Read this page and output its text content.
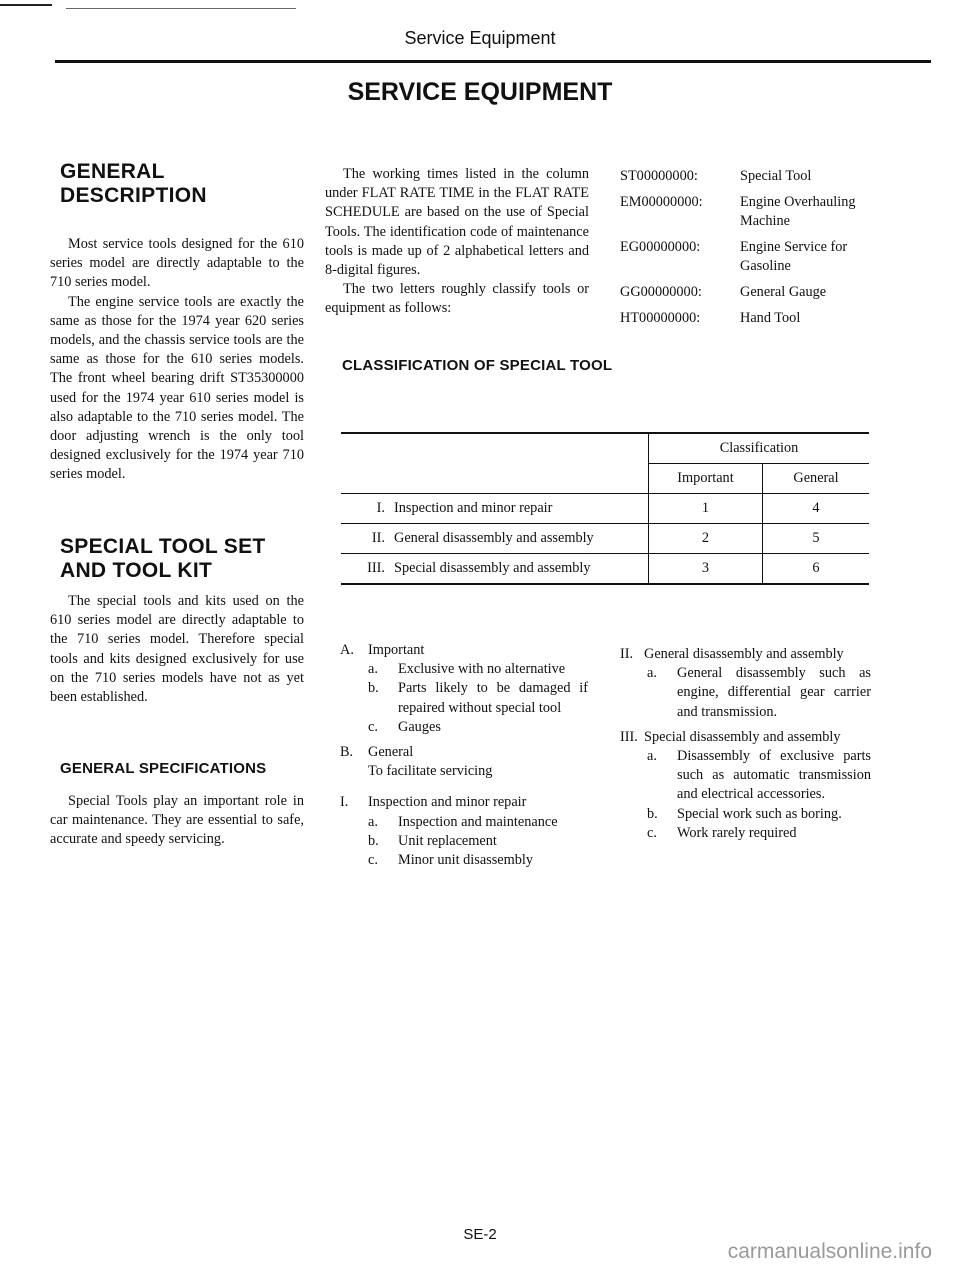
Service Equipment
SERVICE EQUIPMENT
GENERAL
DESCRIPTION

Most service tools designed for the 610 series model are directly adaptable to the 710 series model.

The engine service tools are exactly the same as those for the 1974 year 620 series models, and the chassis service tools are the same as those for the 610 series models. The front wheel bearing drift ST35300000 used for the 1974 year 610 series model is also adaptable to the 710 series model. The door adjusting wrench is the only tool designed exclusively for the 1974 year 710 series model.

SPECIAL TOOL SET
AND TOOL KIT

The special tools and kits used on the 610 series model are directly adaptable to the 710 series model. Therefore special tools and kits designed exclusively for use on the 710 series models have not as yet been established.

GENERAL SPECIFICATIONS

Special Tools play an important role in car maintenance. They are essential to safe, accurate and speedy servicing.

The working times listed in the column under FLAT RATE TIME in the FLAT RATE SCHEDULE are based on the use of Special Tools. The identification code of maintenance tools is made up of 2 alphabetical letters and 8-digital figures.

The two letters roughly classify tools or equipment as follows:

ST00000000:	Special Tool
EM00000000:	Engine Overhauling Machine
EG00000000:	Engine Service for Gasoline
GG00000000:	General Gauge
HT00000000:	Hand Tool
CLASSIFICATION OF SPECIAL TOOL
	Classification	
	Important	General
I. Inspection and minor repair	1	4
II. General disassembly and assembly	2	5
III. Special disassembly and assembly	3	6
A. Important
a.	Exclusive with no alternative
b.	Parts likely to be damaged if repaired without special tool
c.	Gauges
B.	General
To facilitate servicing
I.	Inspection and minor repair
a.	Inspection and maintenance
b.	Unit replacement
c.	Minor unit disassembly
II. General disassembly and assembly
a.	General disassembly such as engine, differential gear carrier and transmission.
III. Special disassembly and assembly
a.	Disassembly of exclusive parts such as automatic transmission and electrical accessories.
b.	Special work such as boring.
c.	Work rarely required
SE-2
carmanualsonline.info
